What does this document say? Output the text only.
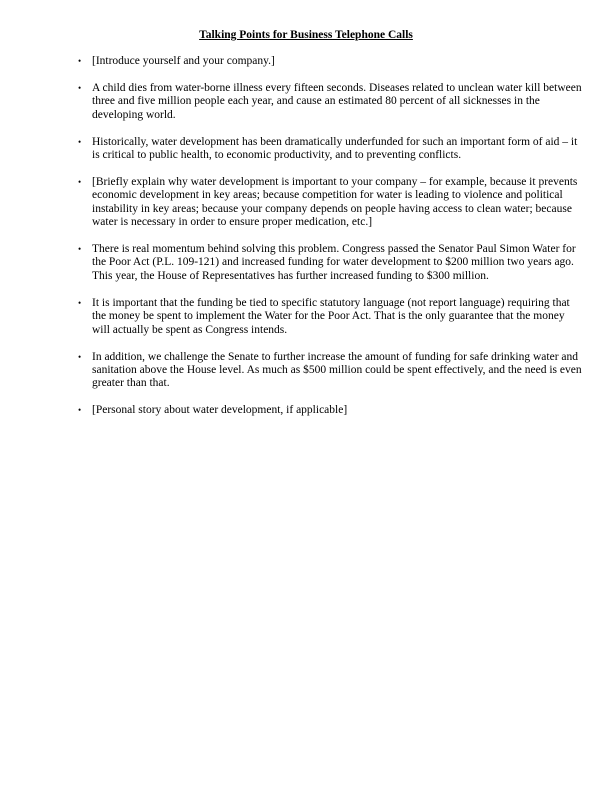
Talking Points for Business Telephone Calls
• [Introduce yourself and your company.]
• A child dies from water-borne illness every fifteen seconds. Diseases related to unclean water kill between three and five million people each year, and cause an estimated 80 percent of all sicknesses in the developing world.
• Historically, water development has been dramatically underfunded for such an important form of aid – it is critical to public health, to economic productivity, and to preventing conflicts.
• [Briefly explain why water development is important to your company – for example, because it prevents economic development in key areas; because competition for water is leading to violence and political instability in key areas; because your company depends on people having access to clean water; because water is necessary in order to ensure proper medication, etc.]
• There is real momentum behind solving this problem. Congress passed the Senator Paul Simon Water for the Poor Act (P.L. 109-121) and increased funding for water development to $200 million two years ago. This year, the House of Representatives has further increased funding to $300 million.
• It is important that the funding be tied to specific statutory language (not report language) requiring that the money be spent to implement the Water for the Poor Act. That is the only guarantee that the money will actually be spent as Congress intends.
• In addition, we challenge the Senate to further increase the amount of funding for safe drinking water and sanitation above the House level. As much as $500 million could be spent effectively, and the need is even greater than that.
• [Personal story about water development, if applicable]
